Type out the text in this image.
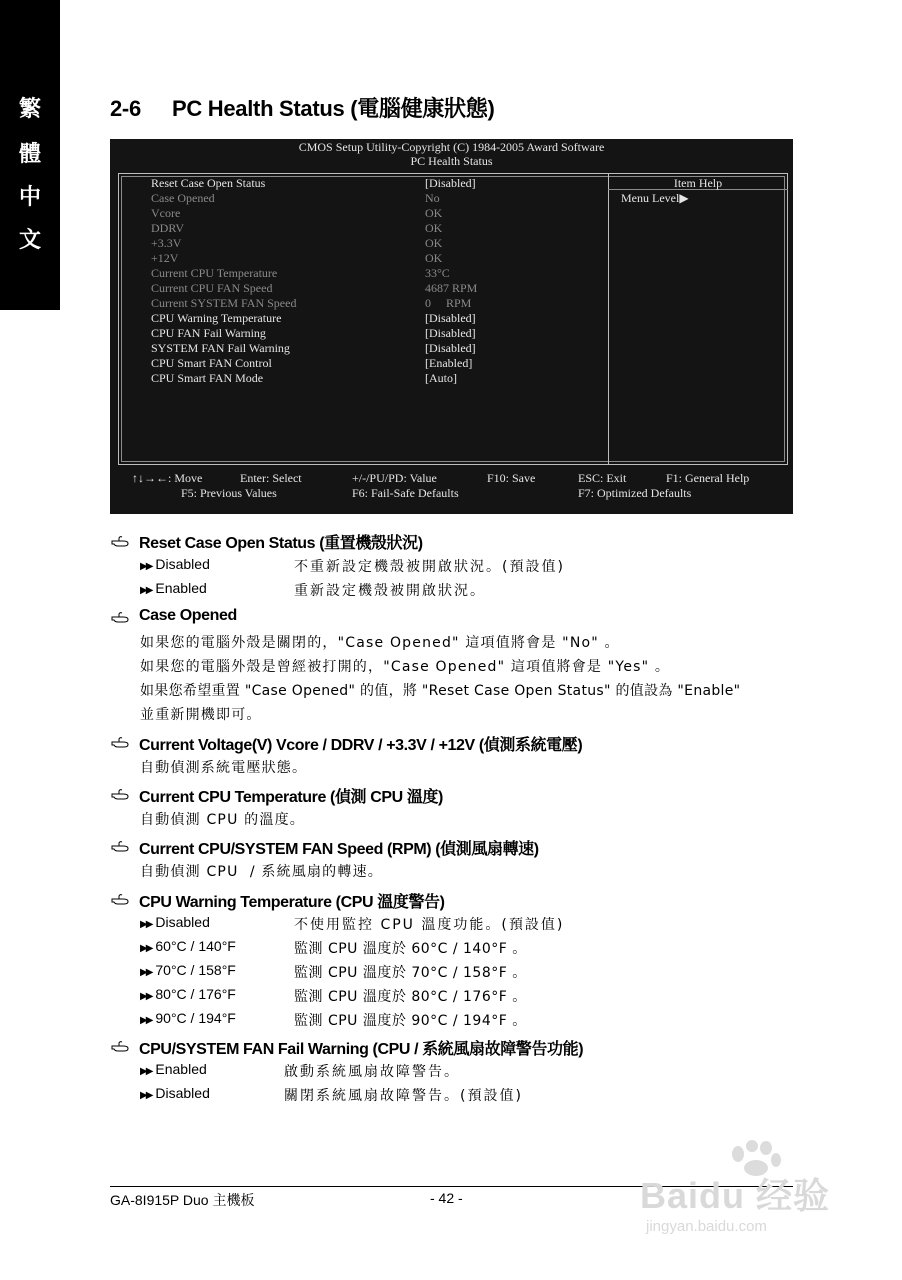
繁
體
中
文
2-6 PC Health Status (電腦健康狀態)
CMOS Setup Utility-Copyright (C) 1984-2005 Award Software
PC Health Status
Item Help
Menu Level▶
Reset Case Open Status	[Disabled]
Case Opened	No
Vcore	OK
DDRV	OK
+3.3V	OK
+12V	OK
Current CPU Temperature	33°C
Current CPU FAN Speed	4687 RPM
Current SYSTEM FAN Speed	0     RPM
CPU Warning Temperature	[Disabled]
CPU FAN Fail Warning	[Disabled]
SYSTEM FAN Fail Warning	[Disabled]
CPU Smart FAN Control	[Enabled]
CPU Smart FAN Mode	[Auto]
↑↓→←: Move	Enter: Select	+/-/PU/PD: Value	F10: Save	ESC: Exit	F1: General Help
F5: Previous Values	F6: Fail-Safe Defaults	F7: Optimized Defaults
Reset Case Open Status (重置機殼狀況)
▶▶ Disabled	不重新設定機殼被開啟狀況。(預設值)
▶▶ Enabled	重新設定機殼被開啟狀況。
Case Opened
如果您的電腦外殼是關閉的，"Case Opened" 這項值將會是 "No" 。
如果您的電腦外殼是曾經被打開的，"Case Opened" 這項值將會是 "Yes" 。
如果您希望重置 "Case Opened" 的值，將 "Reset Case Open Status" 的值設為 "Enable"
並重新開機即可。
Current Voltage(V) Vcore / DDRV / +3.3V / +12V (偵測系統電壓)
自動偵測系統電壓狀態。
Current CPU Temperature (偵測 CPU 溫度)
自動偵測 CPU 的溫度。
Current CPU/SYSTEM FAN Speed (RPM) (偵測風扇轉速)
自動偵測 CPU  / 系統風扇的轉速。
CPU Warning Temperature (CPU 溫度警告)
▶▶ Disabled	不使用監控 CPU 溫度功能。(預設值)
▶▶ 60°C / 140°F	監測 CPU 溫度於 60°C / 140°F 。
▶▶ 70°C / 158°F	監測 CPU 溫度於 70°C / 158°F 。
▶▶ 80°C / 176°F	監測 CPU 溫度於 80°C / 176°F 。
▶▶ 90°C / 194°F	監測 CPU 溫度於 90°C / 194°F 。
CPU/SYSTEM FAN Fail Warning (CPU / 系統風扇故障警告功能)
▶▶ Enabled	啟動系統風扇故障警告。
▶▶ Disabled	關閉系統風扇故障警告。(預設值)
GA-8I915P Duo 主機板	- 42 -	Baidu 经验
jingyan.baidu.com
